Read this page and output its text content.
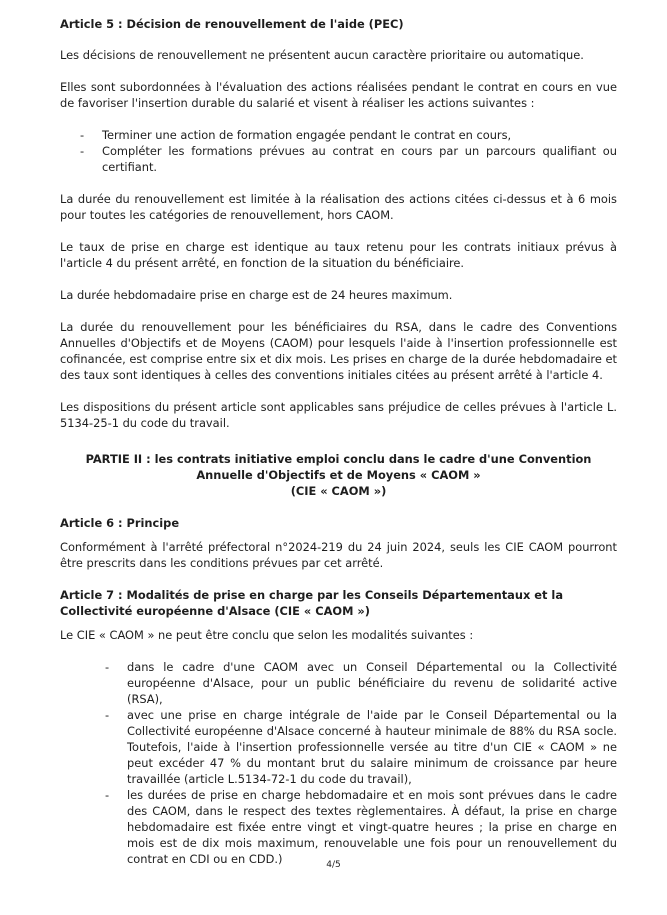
Article 5 : Décision de renouvellement de l'aide (PEC)

Les décisions de renouvellement ne présentent aucun caractère prioritaire ou automatique.

Elles sont subordonnées à l'évaluation des actions réalisées pendant le contrat en cours en vue de favoriser l'insertion durable du salarié et visent à réaliser les actions suivantes :

- Terminer une action de formation engagée pendant le contrat en cours,
- Compléter les formations prévues au contrat en cours par un parcours qualifiant ou certifiant.

La durée du renouvellement est limitée à la réalisation des actions citées ci-dessus et à 6 mois pour toutes les catégories de renouvellement, hors CAOM.

Le taux de prise en charge est identique au taux retenu pour les contrats initiaux prévus à l'article 4 du présent arrêté, en fonction de la situation du bénéficiaire.

La durée hebdomadaire prise en charge est de 24 heures maximum.

La durée du renouvellement pour les bénéficiaires du RSA, dans le cadre des Conventions Annuelles d'Objectifs et de Moyens (CAOM) pour lesquels l'aide à l'insertion professionnelle est cofinancée, est comprise entre six et dix mois. Les prises en charge de la durée hebdomadaire et des taux sont identiques à celles des conventions initiales citées au présent arrêté à l'article 4.

Les dispositions du présent article sont applicables sans préjudice de celles prévues à l'article L. 5134-25-1 du code du travail.

PARTIE II : les contrats initiative emploi conclu dans le cadre d'une Convention Annuelle d'Objectifs et de Moyens « CAOM »
(CIE « CAOM »)

Article 6 : Principe

Conformément à l'arrêté préfectoral n°2024-219 du 24 juin 2024, seuls les CIE CAOM pourront être prescrits dans les conditions prévues par cet arrêté.

Article 7 : Modalités de prise en charge par les Conseils Départementaux et la Collectivité européenne d'Alsace (CIE « CAOM »)

Le CIE « CAOM » ne peut être conclu que selon les modalités suivantes :

- dans le cadre d'une CAOM avec un Conseil Départemental ou la Collectivité européenne d'Alsace, pour un public bénéficiaire du revenu de solidarité active (RSA),
- avec une prise en charge intégrale de l'aide par le Conseil Départemental ou la Collectivité européenne d'Alsace concerné à hauteur minimale de 88% du RSA socle. Toutefois, l'aide à l'insertion professionnelle versée au titre d'un CIE « CAOM » ne peut excéder 47 % du montant brut du salaire minimum de croissance par heure travaillée (article L.5134-72-1 du code du travail),
- les durées de prise en charge hebdomadaire et en mois sont prévues dans le cadre des CAOM, dans le respect des textes règlementaires. À défaut, la prise en charge hebdomadaire est fixée entre vingt et vingt-quatre heures ; la prise en charge en mois est de dix mois maximum, renouvelable une fois pour un renouvellement du contrat en CDI ou en CDD.)	4/5
